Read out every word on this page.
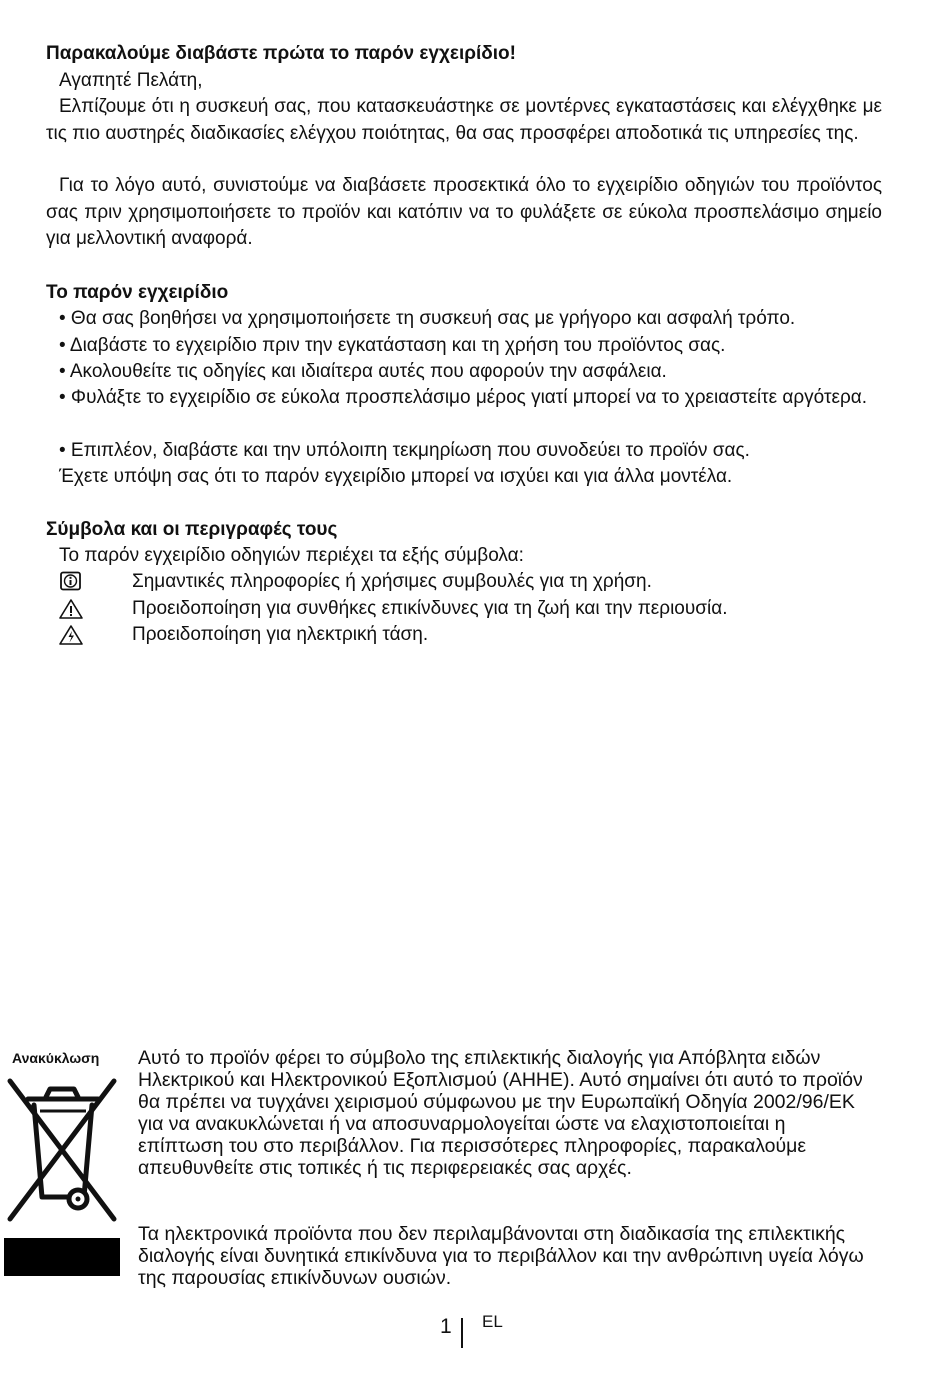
Παρακαλούμε διαβάστε πρώτα το παρόν εγχειρίδιο!
Αγαπητέ Πελάτη,
Ελπίζουμε ότι η συσκευή σας, που κατασκευάστηκε σε μοντέρνες εγκαταστάσεις και ελέγχθηκε με τις πιο αυστηρές διαδικασίες ελέγχου ποιότητας, θα σας προσφέρει αποδοτικά τις υπηρεσίες της.
Για το λόγο αυτό, συνιστούμε να διαβάσετε προσεκτικά όλο το εγχειρίδιο οδηγιών του προϊόντος σας πριν χρησιμοποιήσετε το προϊόν και κατόπιν να το φυλάξετε σε εύκολα προσπελάσιμο σημείο για μελλοντική αναφορά.
Το παρόν εγχειρίδιο
• Θα σας βοηθήσει να χρησιμοποιήσετε τη συσκευή σας με γρήγορο και ασφαλή τρόπο.
• Διαβάστε το εγχειρίδιο πριν την εγκατάσταση και τη χρήση του προϊόντος σας.
• Ακολουθείτε τις οδηγίες και ιδιαίτερα αυτές που αφορούν την ασφάλεια.
• Φυλάξτε το εγχειρίδιο σε εύκολα προσπελάσιμο μέρος γιατί μπορεί να το χρειαστείτε αργότερα.
• Επιπλέον, διαβάστε και την υπόλοιπη τεκμηρίωση που συνοδεύει το προϊόν σας.
Έχετε υπόψη σας ότι το παρόν εγχειρίδιο μπορεί να ισχύει και για άλλα μοντέλα.
Σύμβολα και οι περιγραφές τους
Το παρόν εγχειρίδιο οδηγιών περιέχει τα εξής σύμβολα:
Σημαντικές πληροφορίες ή χρήσιμες συμβουλές για τη χρήση.
Προειδοποίηση για συνθήκες επικίνδυνες για τη ζωή και την περιουσία.
Προειδοποίηση για ηλεκτρική τάση.
Ανακύκλωση Αυτό το προϊόν φέρει το σύμβολο της επιλεκτικής διαλογής για Απόβλητα ειδών Ηλεκτρικού και Ηλεκτρονικού Εξοπλισμού (ΑΗΗΕ). Αυτό σημαίνει ότι αυτό το προϊόν θα πρέπει να τυγχάνει χειρισμού σύμφωνου με την Ευρωπαϊκή Οδηγία 2002/96/ΕΚ για να ανακυκλώνεται ή να αποσυναρμολογείται ώστε να ελαχιστοποιείται η επίπτωση του στο περιβάλλον. Για περισσότερες πληροφορίες, παρακαλούμε απευθυνθείτε στις τοπικές ή τις περιφερειακές σας αρχές.

Τα ηλεκτρονικά προϊόντα που δεν περιλαμβάνονται στη διαδικασία της επιλεκτικής διαλογής είναι δυνητικά επικίνδυνα για το περιβάλλον και την ανθρώπινη υγεία λόγω της παρουσίας επικίνδυνων ουσιών.

1 EL
